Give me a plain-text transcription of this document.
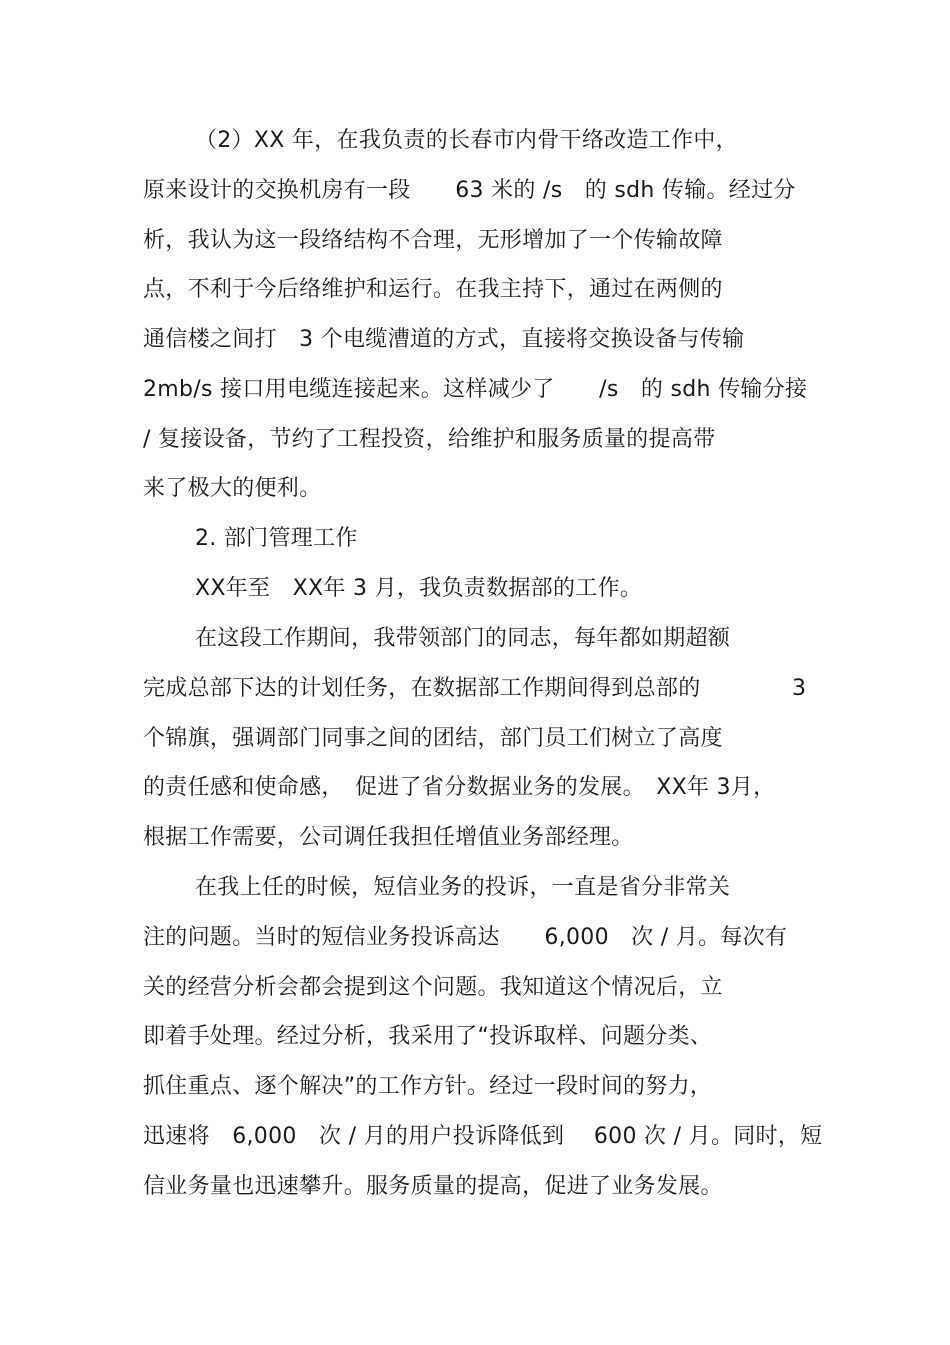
（2）XX 年，在我负责的长春市内骨干络改造工作中，
原来设计的交换机房有一段　　63 米的 /s　的 sdh 传输。经过分
析，我认为这一段络结构不合理，无形增加了一个传输故障
点，不利于今后络维护和运行。在我主持下，通过在两侧的
通信楼之间打　3 个电缆漕道的方式，直接将交换设备与传输
2mb/s 接口用电缆连接起来。这样减少了　　/s　的 sdh 传输分接
/ 复接设备，节约了工程投资，给维护和服务质量的提高带
来了极大的便利。
2. 部门管理工作
XX年至　XX年 3 月，我负责数据部的工作。
在这段工作期间，我带领部门的同志，每年都如期超额
完成总部下达的计划任务，在数据部工作期间得到总部的	3
个锦旗，强调部门同事之间的团结，部门员工们树立了高度
的责任感和使命感，　促进了省分数据业务的发展。　XX年 3月，
根据工作需要，公司调任我担任增值业务部经理。
在我上任的时候，短信业务的投诉，一直是省分非常关
注的问题。当时的短信业务投诉高达　　6,000　次 / 月。每次有
关的经营分析会都会提到这个问题。我知道这个情况后，立
即着手处理。经过分析，我采用了“投诉取样、问题分类、
抓住重点、逐个解决”的工作方针。经过一段时间的努力，
迅速将　6,000　次 / 月的用户投诉降低到　 600 次 / 月。同时，短
信业务量也迅速攀升。服务质量的提高，促进了业务发展。
